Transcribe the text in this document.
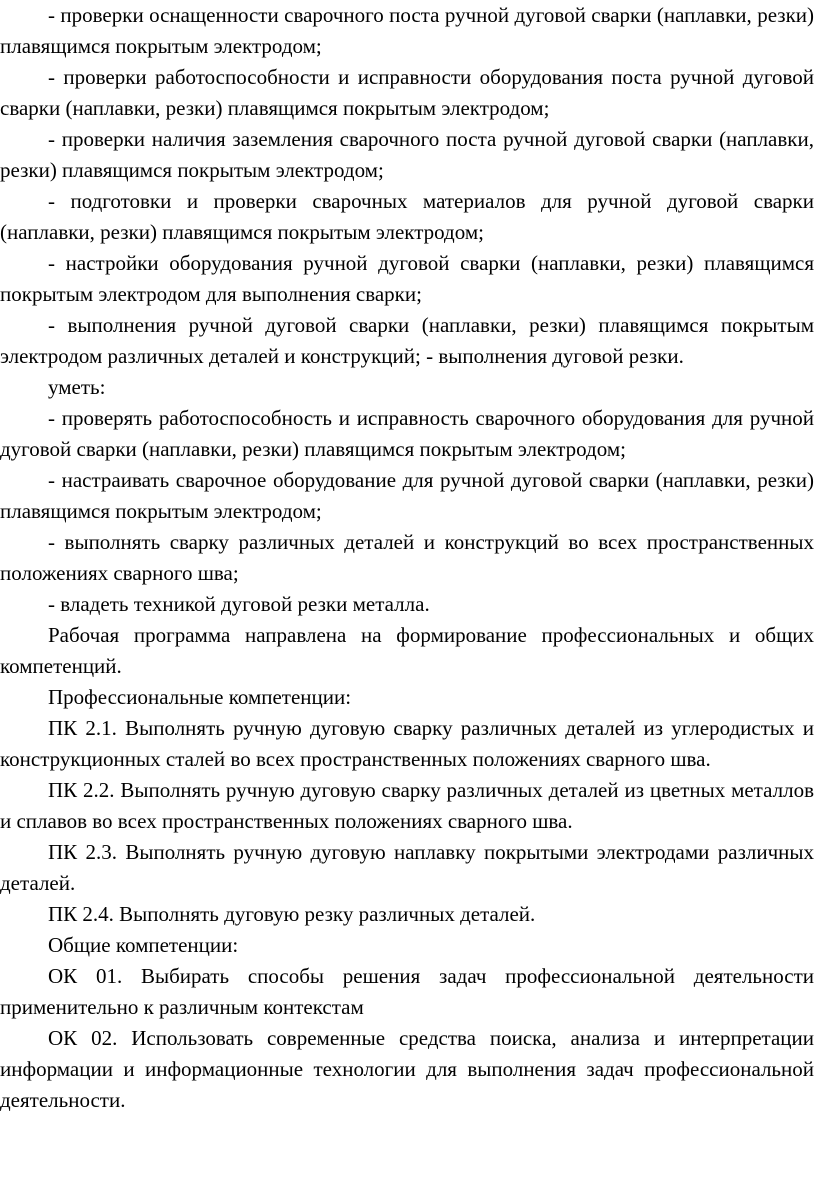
- проверки оснащенности сварочного поста ручной дуговой сварки (наплавки, резки) плавящимся покрытым электродом;

- проверки работоспособности и исправности оборудования поста ручной дуговой сварки (наплавки, резки) плавящимся покрытым электродом;

- проверки наличия заземления сварочного поста ручной дуговой сварки (наплавки, резки) плавящимся покрытым электродом;

- подготовки и проверки сварочных материалов для ручной дуговой сварки (наплавки, резки) плавящимся покрытым электродом;

- настройки оборудования ручной дуговой сварки (наплавки, резки) плавящимся покрытым электродом для выполнения сварки;

- выполнения ручной дуговой сварки (наплавки, резки) плавящимся покрытым электродом различных деталей и конструкций; - выполнения дуговой резки.

уметь:

- проверять работоспособность и исправность сварочного оборудования для ручной дуговой сварки (наплавки, резки) плавящимся покрытым электродом;

- настраивать сварочное оборудование для ручной дуговой сварки (наплавки, резки) плавящимся покрытым электродом;

- выполнять сварку различных деталей и конструкций во всех пространственных положениях сварного шва;

- владеть техникой дуговой резки металла.

Рабочая программа направлена на формирование профессиональных и общих компетенций.

Профессиональные компетенции:

ПК 2.1. Выполнять ручную дуговую сварку различных деталей из углеродистых и конструкционных сталей во всех пространственных положениях сварного шва.

ПК 2.2. Выполнять ручную дуговую сварку различных деталей из цветных металлов и сплавов во всех пространственных положениях сварного шва.

ПК 2.3. Выполнять ручную дуговую наплавку покрытыми электродами различных деталей.

ПК 2.4. Выполнять дуговую резку различных деталей.

Общие компетенции:

ОК 01. Выбирать способы решения задач профессиональной деятельности применительно к различным контекстам

ОК 02. Использовать современные средства поиска, анализа и интерпретации информации и информационные технологии для выполнения задач профессиональной деятельности.
